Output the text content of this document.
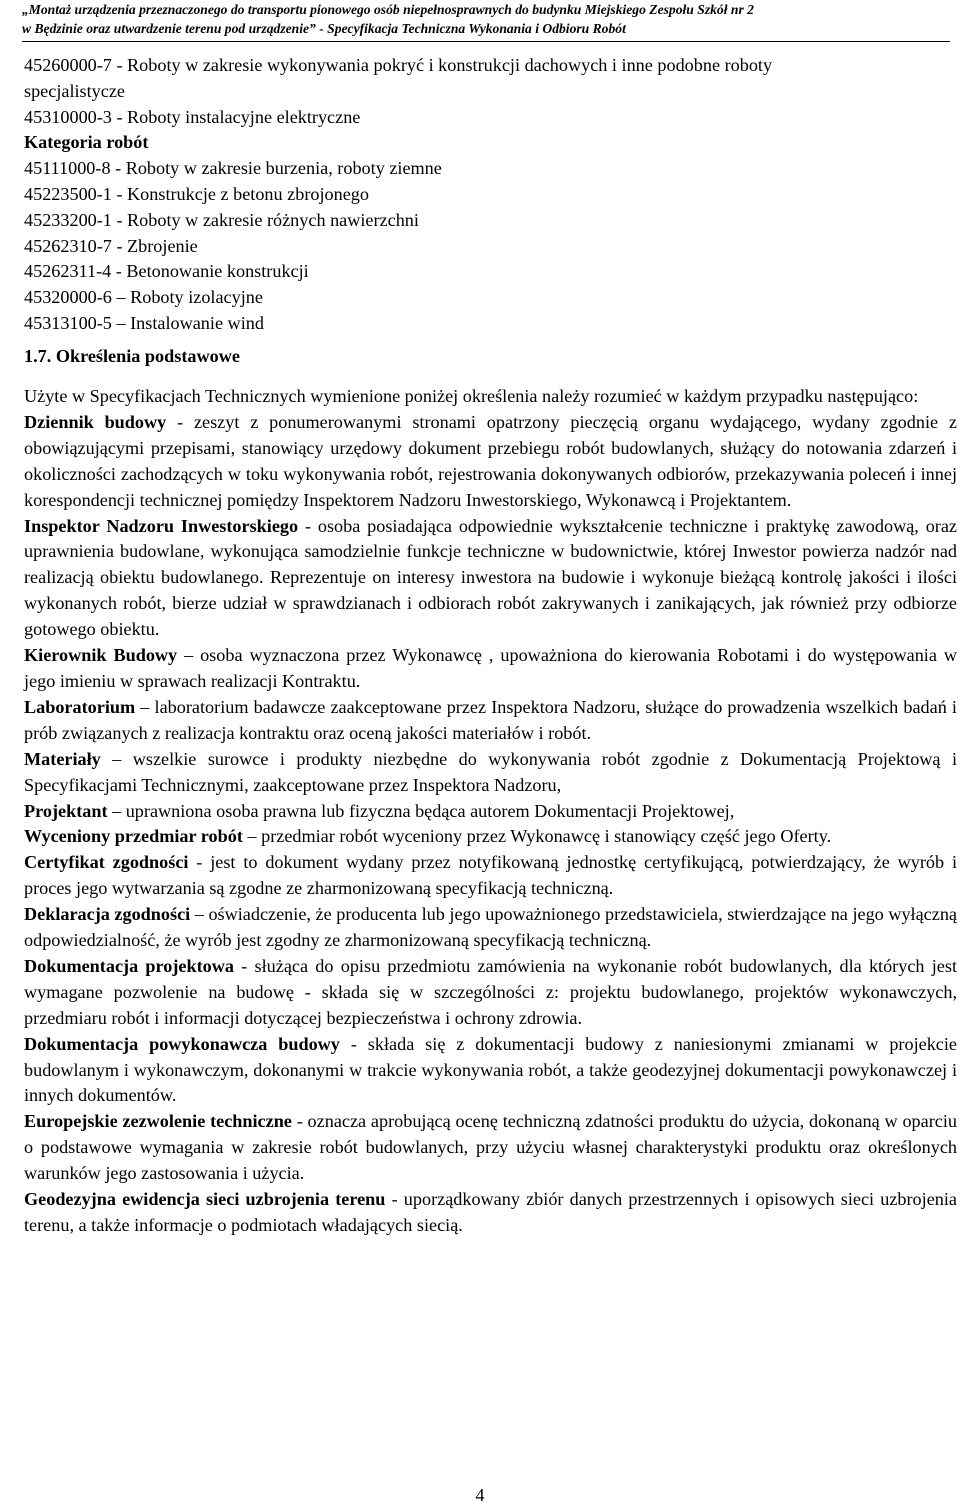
„Montaż urządzenia przeznaczonego do transportu pionowego osób niepełnosprawnych do budynku Miejskiego Zespołu Szkół nr 2
w Będzinie oraz utwardzenie terenu pod urządzenie” - Specyfikacja Techniczna Wykonania i Odbioru Robót
45260000-7 - Roboty w zakresie wykonywania pokryć i konstrukcji dachowych i inne podobne roboty
specjalistycze
45310000-3 - Roboty instalacyjne elektryczne
Kategoria robót
45111000-8 - Roboty w zakresie burzenia, roboty ziemne
45223500-1 - Konstrukcje z betonu zbrojonego
45233200-1 - Roboty w zakresie różnych nawierzchni
45262310-7 - Zbrojenie
45262311-4 - Betonowanie konstrukcji
45320000-6 – Roboty izolacyjne
45313100-5 – Instalowanie wind
1.7. Określenia podstawowe

Użyte w Specyfikacjach Technicznych wymienione poniżej określenia należy rozumieć w każdym przypadku następująco:

Dziennik budowy - zeszyt z ponumerowanymi stronami opatrzony pieczęcią organu wydającego, wydany zgodnie z obowiązującymi przepisami, stanowiący urzędowy dokument przebiegu robót budowlanych, służący do notowania zdarzeń i okoliczności zachodzących w toku wykonywania robót, rejestrowania dokonywanych odbiorów, przekazywania poleceń i innej korespondencji technicznej pomiędzy Inspektorem Nadzoru Inwestorskiego, Wykonawcą i Projektantem.

Inspektor Nadzoru Inwestorskiego - osoba posiadająca odpowiednie wykształcenie techniczne i praktykę zawodową, oraz uprawnienia budowlane, wykonująca samodzielnie funkcje techniczne w budownictwie, której Inwestor powierza nadzór nad realizacją obiektu budowlanego. Reprezentuje on interesy inwestora na budowie i wykonuje bieżącą kontrolę jakości i ilości wykonanych robót, bierze udział w sprawdzianach i odbiorach robót zakrywanych i zanikających, jak również przy odbiorze gotowego obiektu.

Kierownik Budowy – osoba wyznaczona przez Wykonawcę , upoważniona do kierowania Robotami i do występowania w jego imieniu w sprawach realizacji Kontraktu.

Laboratorium – laboratorium badawcze zaakceptowane przez Inspektora Nadzoru, służące do prowadzenia wszelkich badań i prób związanych z realizacja kontraktu oraz oceną jakości materiałów i robót.

Materiały – wszelkie surowce i produkty niezbędne do wykonywania robót zgodnie z Dokumentacją Projektową i Specyfikacjami Technicznymi, zaakceptowane przez Inspektora Nadzoru,

Projektant – uprawniona osoba prawna lub fizyczna będąca autorem Dokumentacji Projektowej,

Wyceniony przedmiar robót – przedmiar robót wyceniony przez Wykonawcę i stanowiący część jego Oferty.

Certyfikat zgodności - jest to dokument wydany przez notyfikowaną jednostkę certyfikującą, potwierdzający, że wyrób i proces jego wytwarzania są zgodne ze zharmonizowaną specyfikacją techniczną.

Deklaracja zgodności – oświadczenie, że producenta lub jego upoważnionego przedstawiciela, stwierdzające na jego wyłączną odpowiedzialność, że wyrób jest zgodny ze zharmonizowaną specyfikacją techniczną.

Dokumentacja projektowa - służąca do opisu przedmiotu zamówienia na wykonanie robót budowlanych, dla których jest wymagane pozwolenie na budowę - składa się w szczególności z: projektu budowlanego, projektów wykonawczych, przedmiaru robót i informacji dotyczącej bezpieczeństwa i ochrony zdrowia.

Dokumentacja powykonawcza budowy - składa się z dokumentacji budowy z naniesionymi zmianami w projekcie budowlanym i wykonawczym, dokonanymi w trakcie wykonywania robót, a także geodezyjnej dokumentacji powykonawczej i innych dokumentów.

Europejskie zezwolenie techniczne - oznacza aprobującą ocenę techniczną zdatności produktu do użycia, dokonaną w oparciu o podstawowe wymagania w zakresie robót budowlanych, przy użyciu własnej charakterystyki produktu oraz określonych warunków jego zastosowania i użycia.

Geodezyjna ewidencja sieci uzbrojenia terenu - uporządkowany zbiór danych przestrzennych i opisowych sieci uzbrojenia terenu, a także informacje o podmiotach władających siecią.

4
